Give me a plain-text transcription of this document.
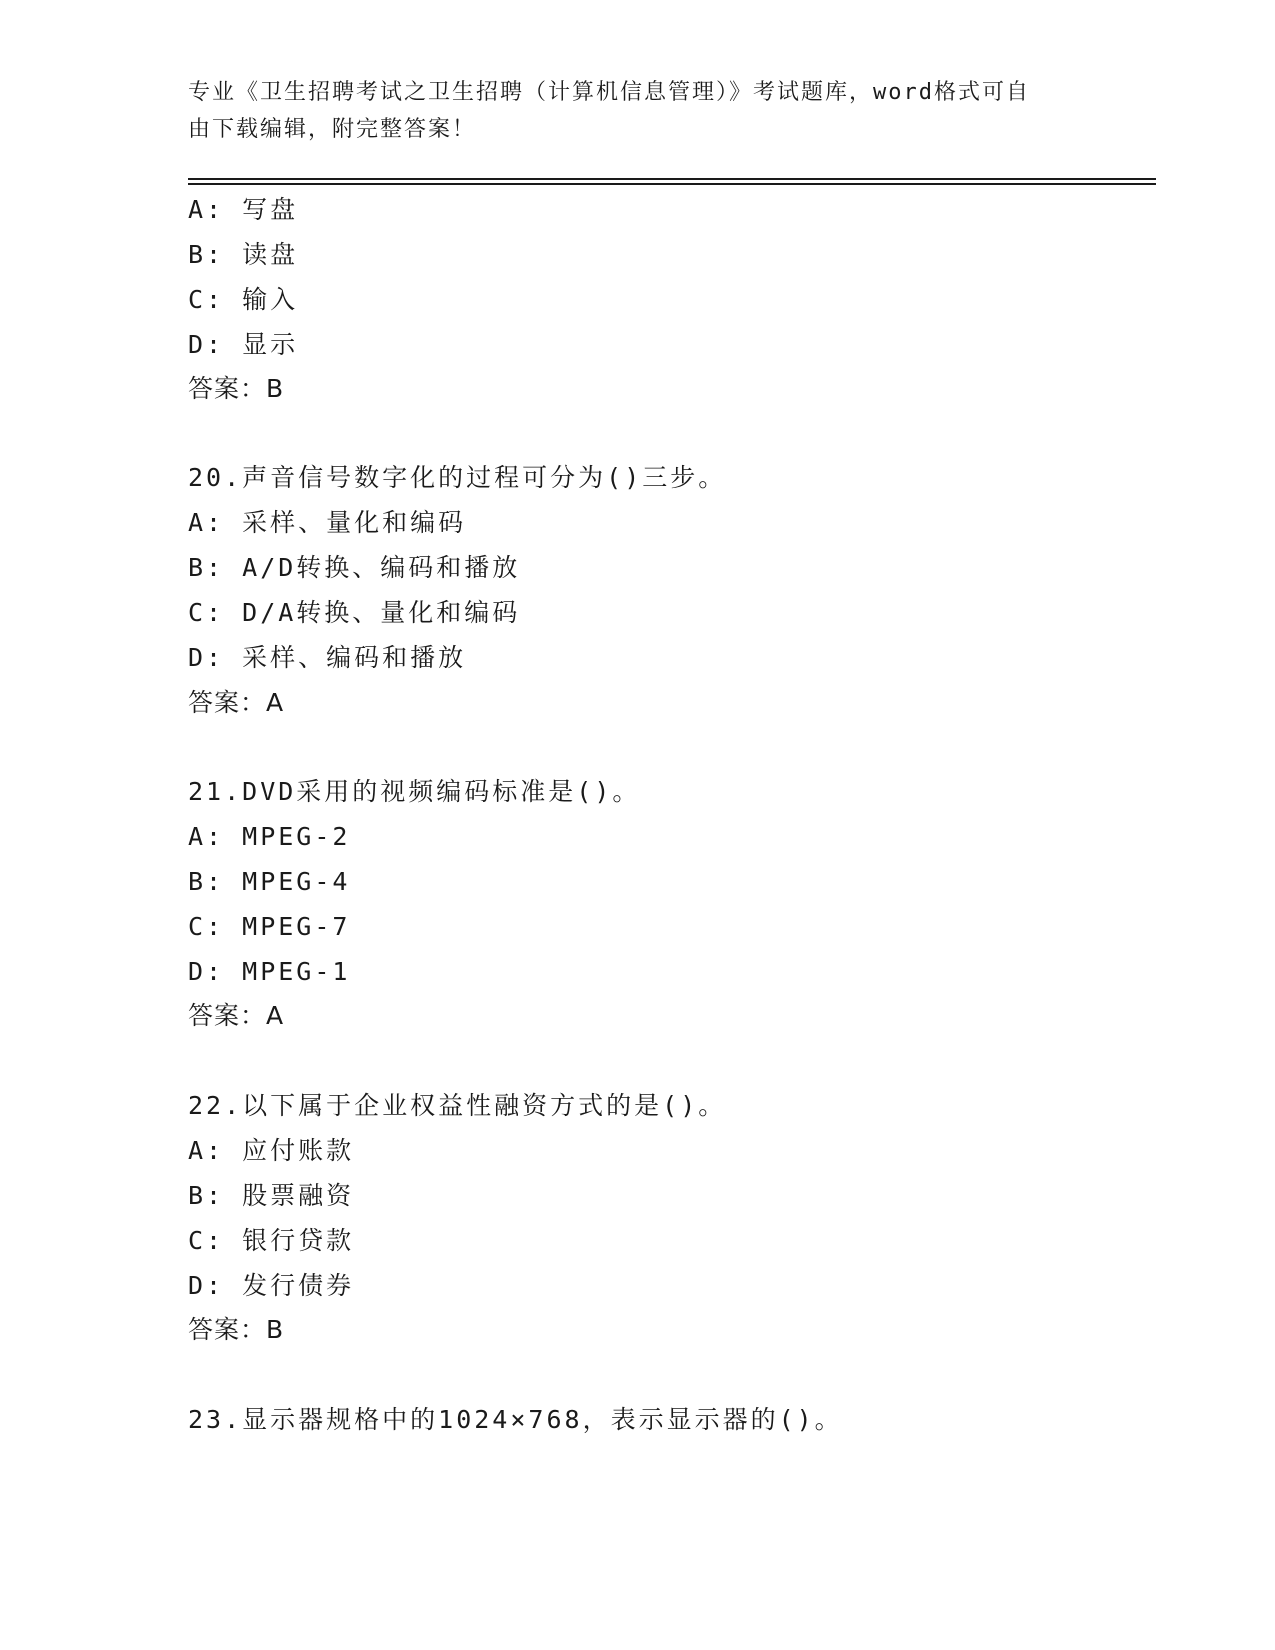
专业《卫生招聘考试之卫生招聘（计算机信息管理）》考试题库，word格式可自
由下载编辑，附完整答案！
A: 写盘
B: 读盘
C: 输入
D: 显示
答案：B
20.声音信号数字化的过程可分为()三步。
A: 采样、量化和编码
B: A/D转换、编码和播放
C: D/A转换、量化和编码
D: 采样、编码和播放
答案：A
21.DVD采用的视频编码标准是()。
A: MPEG-2
B: MPEG-4
C: MPEG-7
D: MPEG-1
答案：A
22.以下属于企业权益性融资方式的是()。
A: 应付账款
B: 股票融资
C: 银行贷款
D: 发行债券
答案：B
23.显示器规格中的1024×768，表示显示器的()。
